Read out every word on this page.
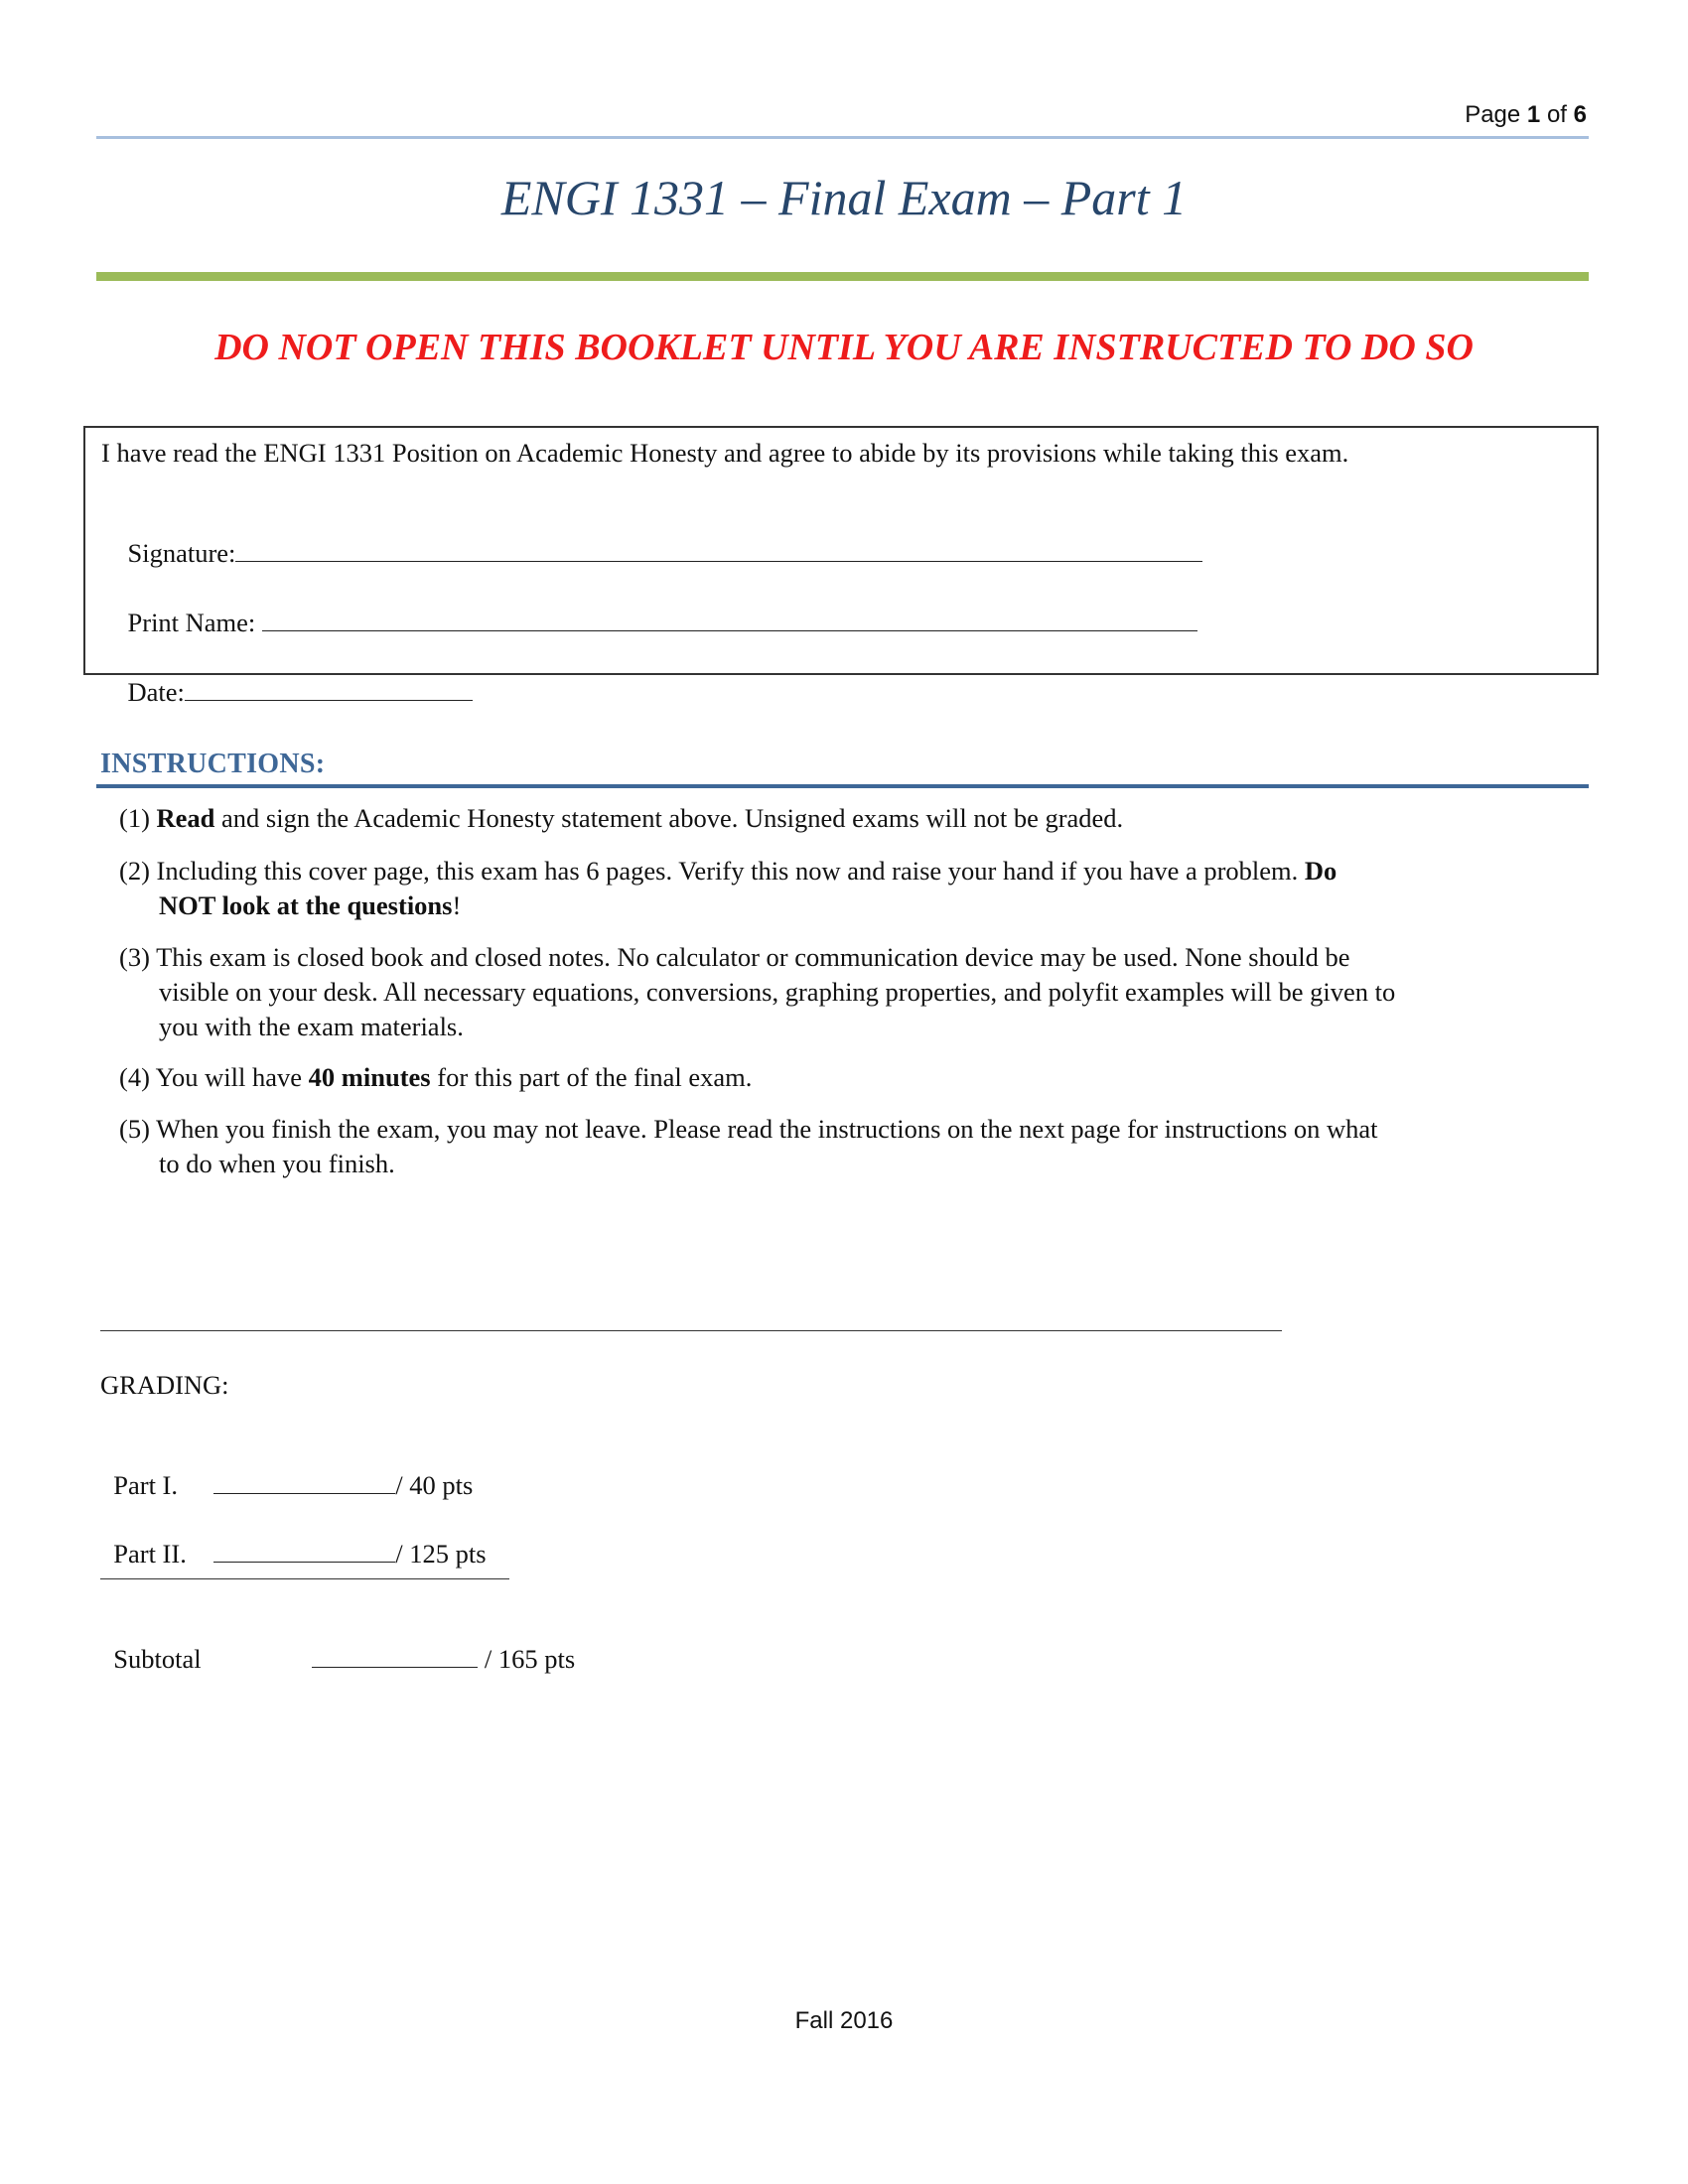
Page 1 of 6
ENGI 1331 – Final Exam – Part 1
DO NOT OPEN THIS BOOKLET UNTIL YOU ARE INSTRUCTED TO DO SO
I have read the ENGI 1331 Position on Academic Honesty and agree to abide by its provisions while taking this exam.

Signature:

Print Name:

Date:

INSTRUCTIONS:
(1) Read and sign the Academic Honesty statement above. Unsigned exams will not be graded.
(2) Including this cover page, this exam has 6 pages. Verify this now and raise your hand if you have a problem. Do
NOT look at the questions!
(3) This exam is closed book and closed notes. No calculator or communication device may be used. None should be
visible on your desk. All necessary equations, conversions, graphing properties, and polyfit examples will be given to
you with the exam materials.
(4) You will have 40 minutes for this part of the final exam.
(5) When you finish the exam, you may not leave. Please read the instructions on the next page for instructions on what
to do when you finish.
GRADING:

Part I.	/ 40 pts

Part II.	/ 125 pts

Subtotal	/ 165 pts

Fall 2016
